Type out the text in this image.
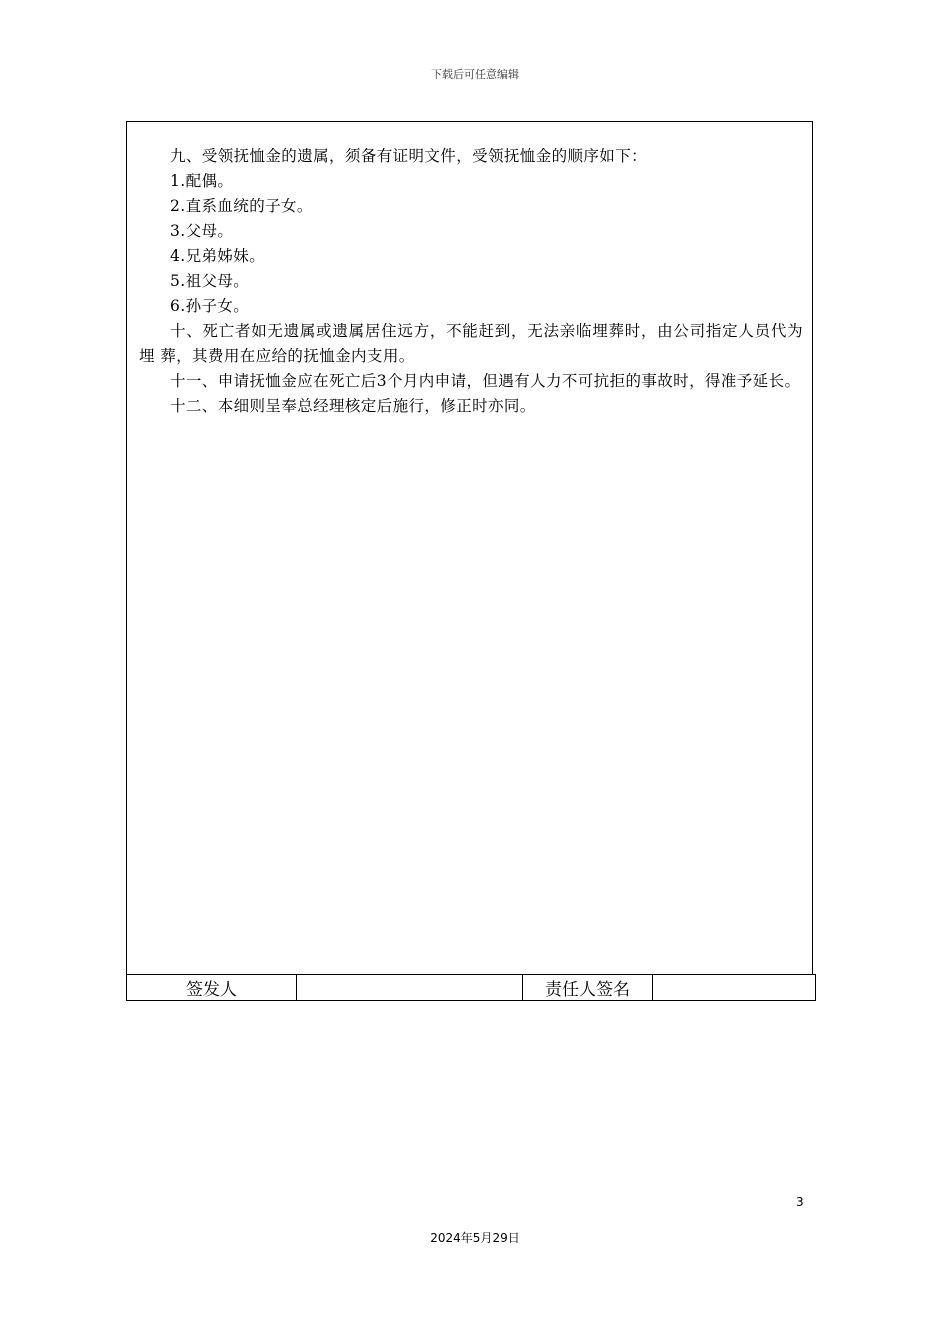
下载后可任意编辑

九、受领抚恤金的遗属，须备有证明文件，受领抚恤金的顺序如下：

1.配偶。

2.直系血统的子女。

3.父母。

4.兄弟姊妹。

5.祖父母。

6.孙子女。

十、死亡者如无遗属或遗属居住远方，不能赶到，无法亲临埋葬时，由公司指定人员代为埋 葬，其费用在应给的抚恤金内支用。

十一、申请抚恤金应在死亡后3个月内申请，但遇有人力不可抗拒的事故时，得准予延长。

十二、本细则呈奉总经理核定后施行，修正时亦同。

签发人		责任人签名	
3
2024年5月29日
